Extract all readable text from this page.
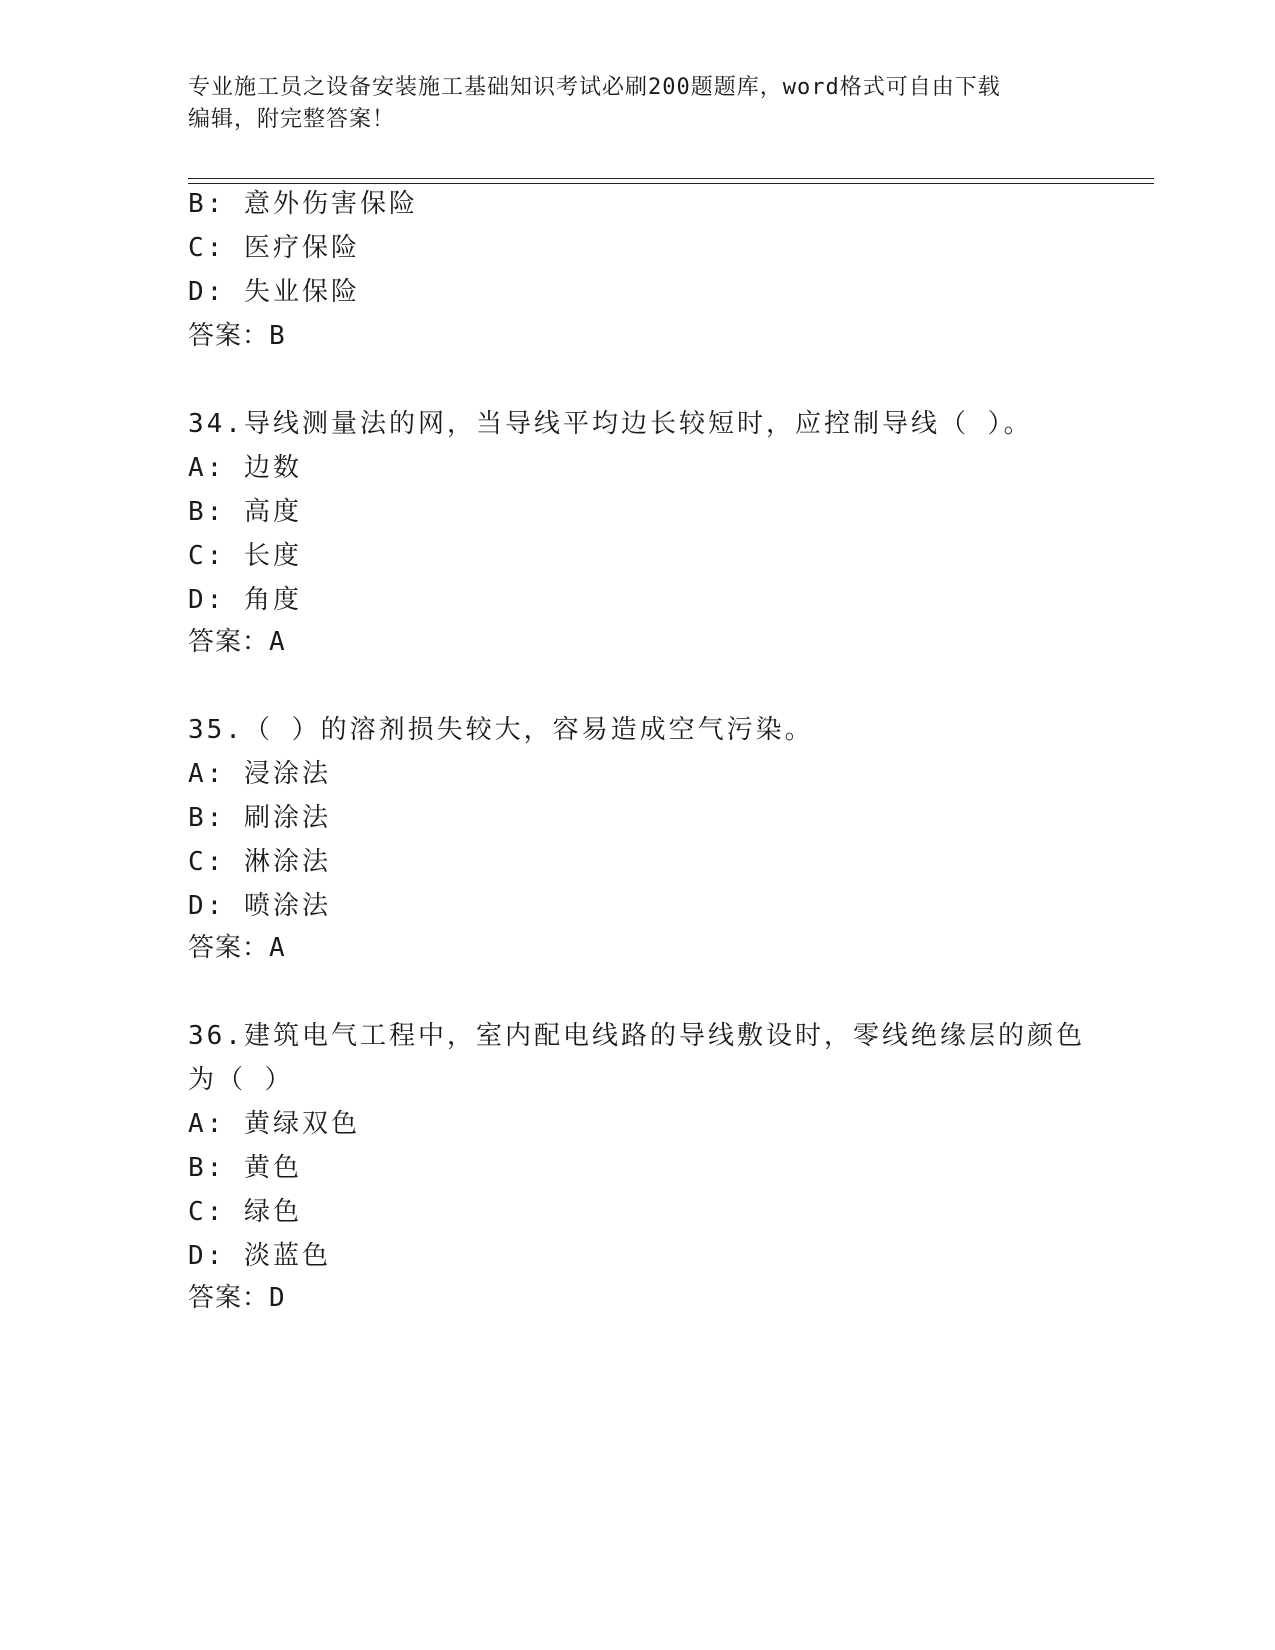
专业施工员之设备安装施工基础知识考试必刷200题题库，word格式可自由下载
编辑，附完整答案！
B: 意外伤害保险
C: 医疗保险
D: 失业保险
答案：B
34.导线测量法的网，当导线平均边长较短时，应控制导线（ ）。
A: 边数
B: 高度
C: 长度
D: 角度
答案：A
35.（ ）的溶剂损失较大，容易造成空气污染。
A: 浸涂法
B: 刷涂法
C: 淋涂法
D: 喷涂法
答案：A
36.建筑电气工程中，室内配电线路的导线敷设时，零线绝缘层的颜色
为（ ）
A: 黄绿双色
B: 黄色
C: 绿色
D: 淡蓝色
答案：D
